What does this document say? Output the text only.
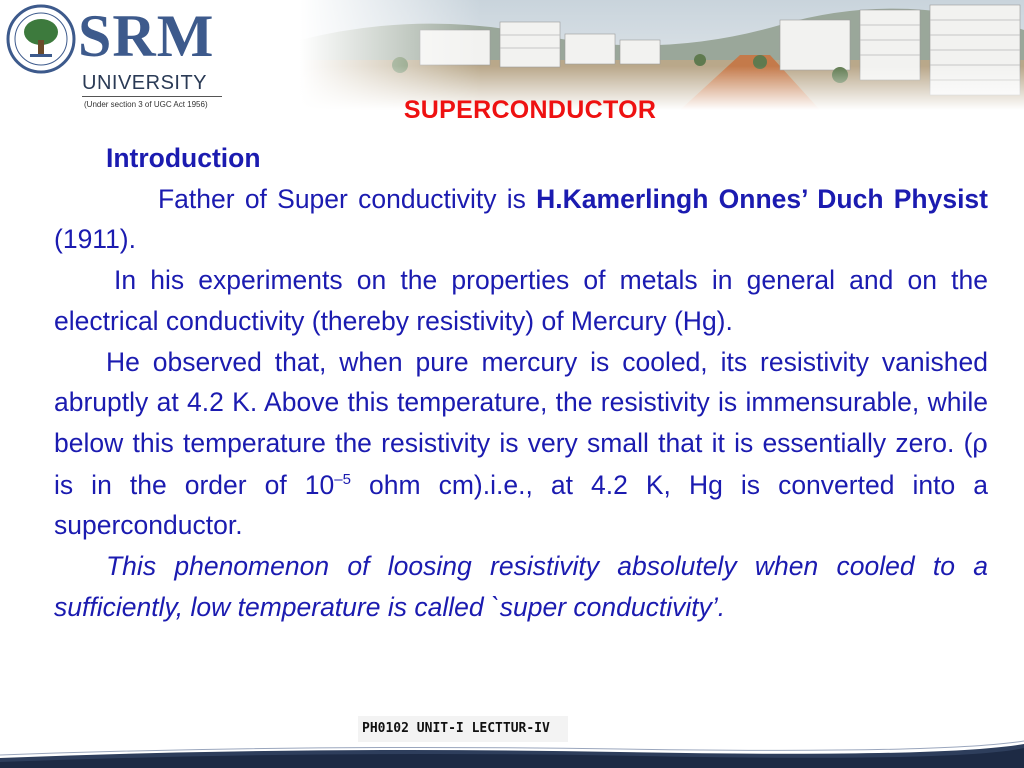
SRM
UNIVERSITY
(Under section 3 of UGC Act 1956)	SUPERCONDUCTOR

Introduction

Father of Super conductivity is H.Kamerlingh Onnes’ Duch Physist (1911).

In his experiments on the properties of metals in general and on the electrical conductivity (thereby resistivity) of Mercury (Hg).

He observed that, when pure mercury is cooled, its resistivity vanished abruptly at 4.2 K. Above this temperature, the resistivity is immensurable, while below this temperature the resistivity is very small that it is essentially zero. (ρ is in the order of $10^{-5}$ ohm cm).i.e., at 4.2 K, Hg is converted into a superconductor.

This phenomenon of loosing resistivity absolutely when cooled to a sufficiently, low temperature is called `super conductivity’.

PH0102 UNIT-I LECTTUR-IV
